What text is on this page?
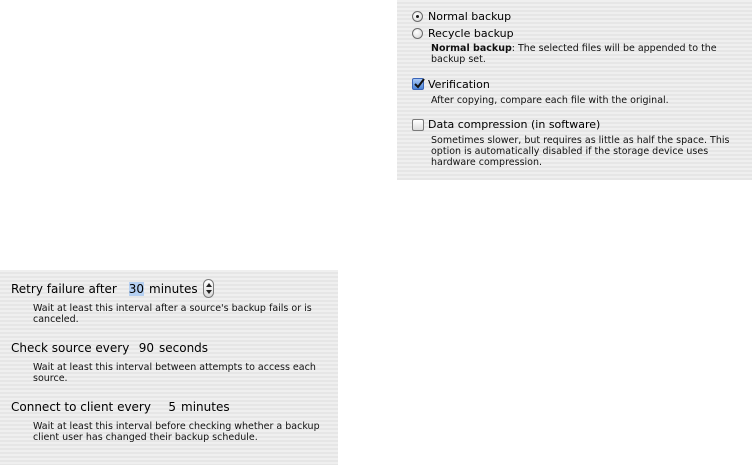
Normal backup
Recycle backup
Normal backup: The selected files will be appended to the backup set.
Verification
After copying, compare each file with the original.
Data compression (in software)
Sometimes slower, but requires as little as half the space. This option is automatically disabled if the storage device uses hardware compression.
Retry failure after 30 minutes
Wait at least this interval after a source's backup fails or is canceled.
Check source every 90 seconds
Wait at least this interval between attempts to access each source.
Connect to client every	5 minutes
Wait at least this interval before checking whether a backup client user has changed their backup schedule.
